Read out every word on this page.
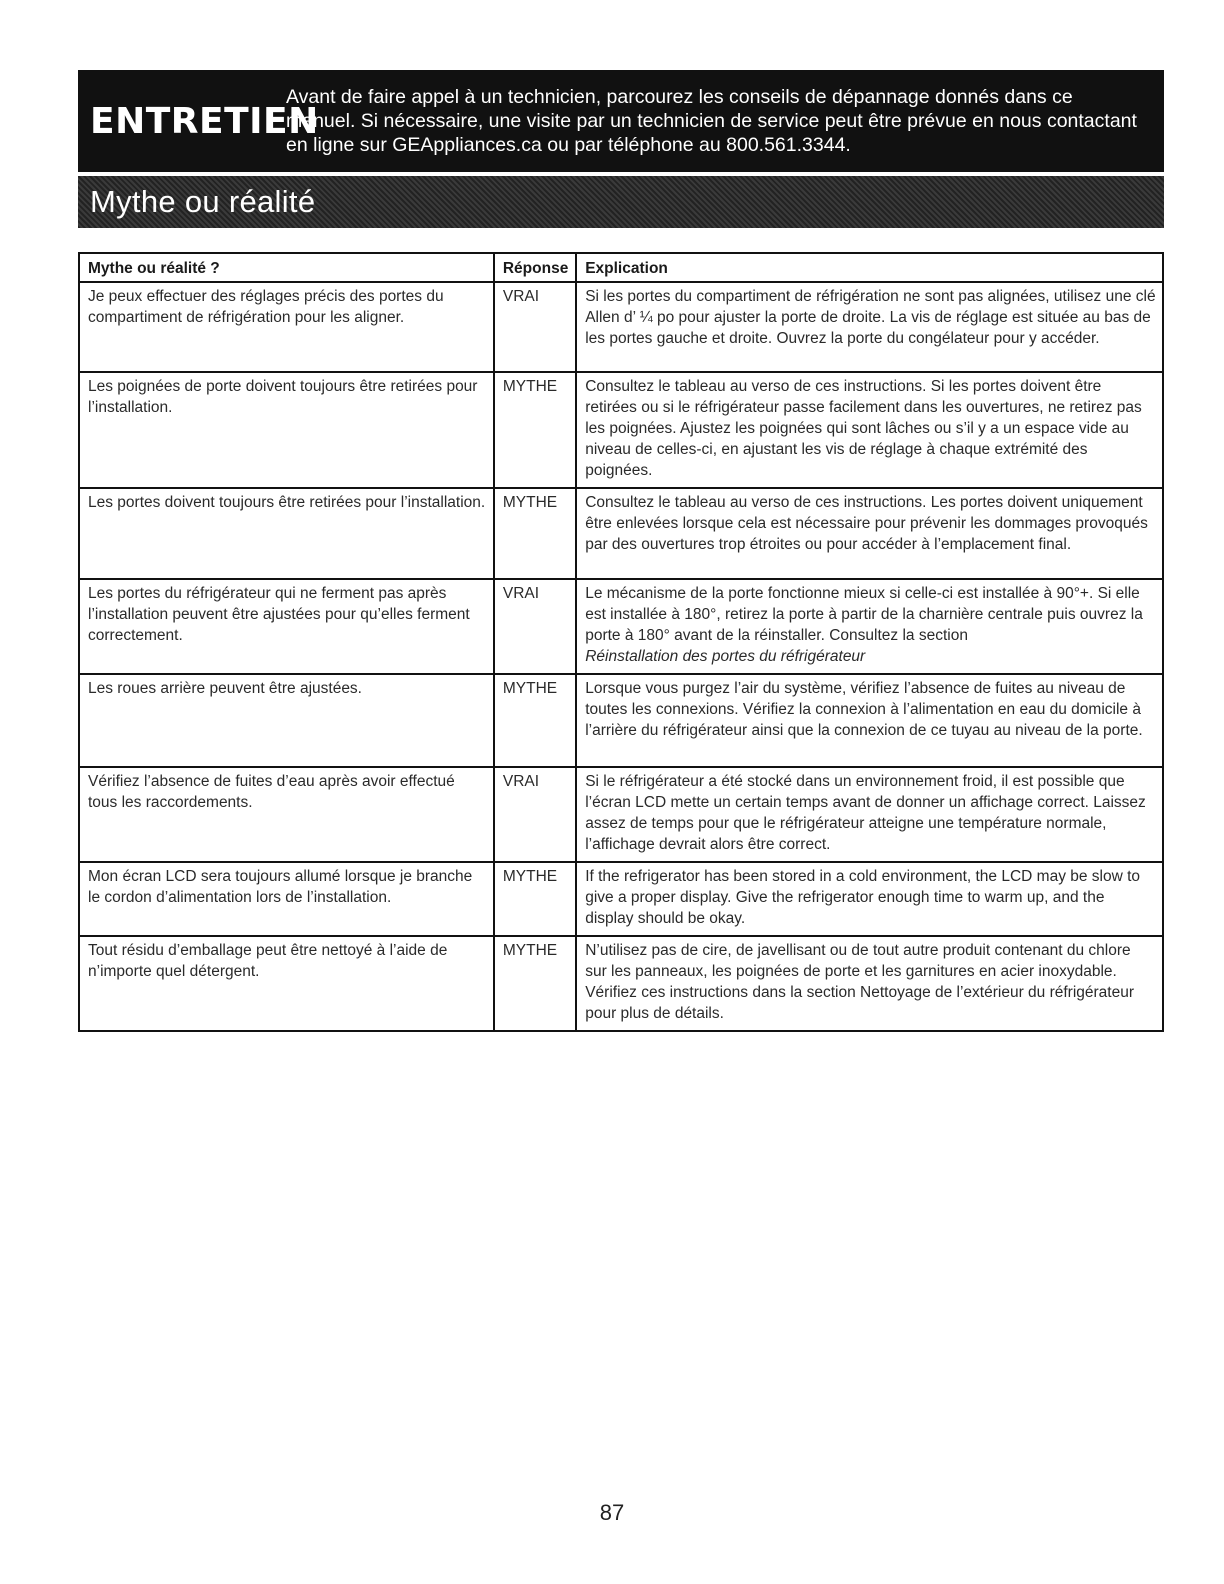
ENTRETIEN
Avant de faire appel à un technicien, parcourez les conseils de dépannage donnés dans ce manuel. Si nécessaire, une visite par un technicien de service peut être prévue en nous contactant en ligne sur GEAppliances.ca ou par téléphone au 800.561.3344.
Mythe ou réalité
Mythe ou réalité ?	Réponse	Explication
Je peux effectuer des réglages précis des portes du compartiment de réfrigération pour les aligner.	VRAI	Si les portes du compartiment de réfrigération ne sont pas alignées, utilisez une clé Allen d’ ¼ po pour ajuster la porte de droite. La vis de réglage est située au bas de les portes gauche et droite. Ouvrez la porte du congélateur pour y accéder.
Les poignées de porte doivent toujours être retirées pour l’installation.	MYTHE	Consultez le tableau au verso de ces instructions. Si les portes doivent être retirées ou si le réfrigérateur passe facilement dans les ouvertures, ne retirez pas les poignées. Ajustez les poignées qui sont lâches ou s’il y a un espace vide au niveau de celles-ci, en ajustant les vis de réglage à chaque extrémité des poignées.
Les portes doivent toujours être retirées pour l’installation.	MYTHE	Consultez le tableau au verso de ces instructions. Les portes doivent uniquement être enlevées lorsque cela est nécessaire pour prévenir les dommages provoqués par des ouvertures trop étroites ou pour accéder à l’emplacement final.
Les portes du réfrigérateur qui ne ferment pas après l’installation peuvent être ajustées pour qu’elles ferment correctement.	VRAI	Le mécanisme de la porte fonctionne mieux si celle-ci est installée à 90°+. Si elle est installée à 180°, retirez la porte à partir de la charnière centrale puis ouvrez la porte à 180° avant de la réinstaller. Consultez la section
Réinstallation des portes du réfrigérateur
Les roues arrière peuvent être ajustées.	MYTHE	Lorsque vous purgez l’air du système, vérifiez l’absence de fuites au niveau de toutes les connexions. Vérifiez la connexion à l’alimentation en eau du domicile à l’arrière du réfrigérateur ainsi que la connexion de ce tuyau au niveau de la porte.
Vérifiez l’absence de fuites d’eau après avoir effectué tous les raccordements.	VRAI	Si le réfrigérateur a été stocké dans un environnement froid, il est possible que l’écran LCD mette un certain temps avant de donner un affichage correct. Laissez assez de temps pour que le réfrigérateur atteigne une température normale, l’affichage devrait alors être correct.
Mon écran LCD sera toujours allumé lorsque je branche le cordon d’alimentation lors de l’installation.	MYTHE	If the refrigerator has been stored in a cold environment, the LCD may be slow to give a proper display. Give the refrigerator enough time to warm up, and the display should be okay.
Tout résidu d’emballage peut être nettoyé à l’aide de n’importe quel détergent.	MYTHE	N’utilisez pas de cire, de javellisant ou de tout autre produit contenant du chlore sur les panneaux, les poignées de porte et les garnitures en acier inoxydable. Vérifiez ces instructions dans la section Nettoyage de l’extérieur du réfrigérateur pour plus de détails.
87
